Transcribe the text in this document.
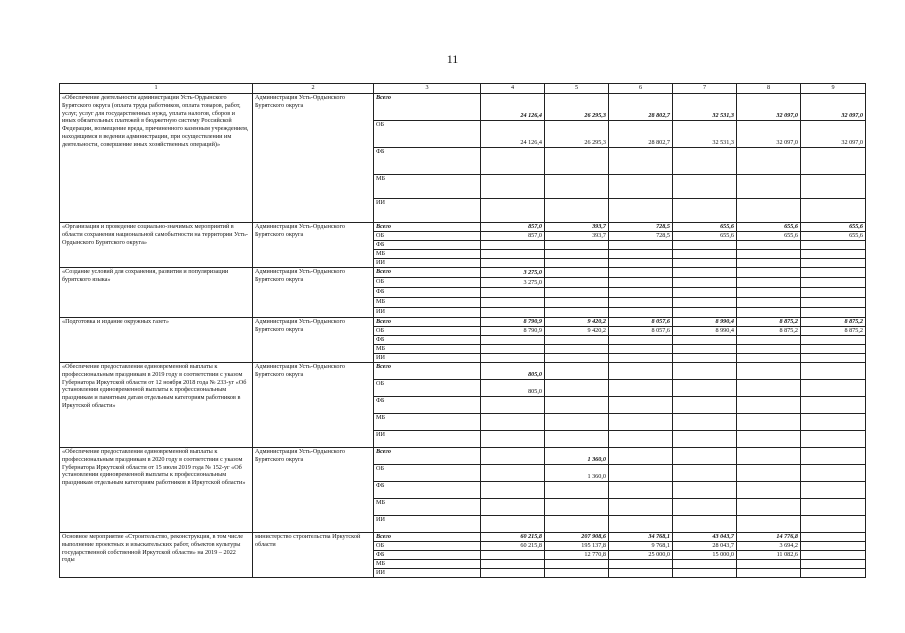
11
1	2	3	4	5	6	7	8	9
«Обеспечение деятельности администрации Усть-Ордынского Бурятского округа (оплата труда работников, оплата товаров, работ, услуг, услуг для государственных нужд, уплата налогов, сборов и иных обязательных платежей в бюджетную систему Российской Федерации, возмещение вреда, причиненного казенным учреждением, находящимся в ведении администрации, при осуществлении им деятельности, совершение иных хозяйственных операций)»	Администрация Усть-Ордынского Бурятского округа	Всего	24 126,4	26 295,3	28 802,7	32 531,3	32 097,0	32 097,0
		ОБ	24 126,4	26 295,3	28 802,7	32 531,3	32 097,0	32 097,0
		ФБ						
		МБ						
		ИИ						
«Организация и проведение социально-значимых мероприятий в области сохранения национальной самобытности на территории Усть-Ордынского Бурятского округа»	Администрация Усть-Ордынского Бурятского округа	Всего	857,0	393,7	728,5	655,6	655,6	655,6
		ОБ	857,0	393,7	728,5	655,6	655,6	655,6
		ФБ						
		МБ						
		ИИ						
«Создание условий для сохранения, развития и популяризации бурятского языка»	Администрация Усть-Ордынского Бурятского округа	Всего	3 275,0					
		ОБ	3 275,0					
		ФБ						
		МБ						
		ИИ						
«Подготовка и издание окружных газет»	Администрация Усть-Ордынского Бурятского округа	Всего	8 790,9	9 420,2	8 057,6	8 990,4	8 875,2	8 875,2
		ОБ	8 790,9	9 420,2	8 057,6	8 990,4	8 875,2	8 875,2
		ФБ						
		МБ						
		ИИ						
«Обеспечение предоставления единовременной выплаты к профессиональным праздникам в 2019 году в соответствии с указом Губернатора Иркутской области от 12 ноября 2018 года № 233-уг «Об установлении единовременной выплаты к профессиональным праздникам и памятным датам отдельным категориям работников в Иркутской области»	Администрация Усть-Ордынского Бурятского округа	Всего	805,0					
		ОБ	805,0					
		ФБ						
		МБ						
		ИИ						
«Обеспечение предоставления единовременной выплаты к профессиональным праздникам в 2020 году в соответствии с указом Губернатора Иркутской области от 15 июля 2019 года № 152-уг «Об установлении единовременной выплаты к профессиональным праздникам отдельным категориям работников в Иркутской области»	Администрация Усть-Ордынского Бурятского округа	Всего		1 360,0				
		ОБ		1 360,0				
		ФБ						
		МБ						
		ИИ						
Основное мероприятие «Строительство, реконструкция, в том числе выполнение проектных и изыскательских работ, объектов культуры государственной собственной Иркутской области» на 2019 – 2022 годы	министерство строительства Иркутской области	Всего	60 215,8	207 908,6	34 768,1	43 043,7	14 776,8	
		ОБ	60 215,8	195 137,8	9 768,1	28 043,7	3 694,2	
		ФБ		12 770,8	25 000,0	15 000,0	11 082,6	
		МБ						
		ИИ						
